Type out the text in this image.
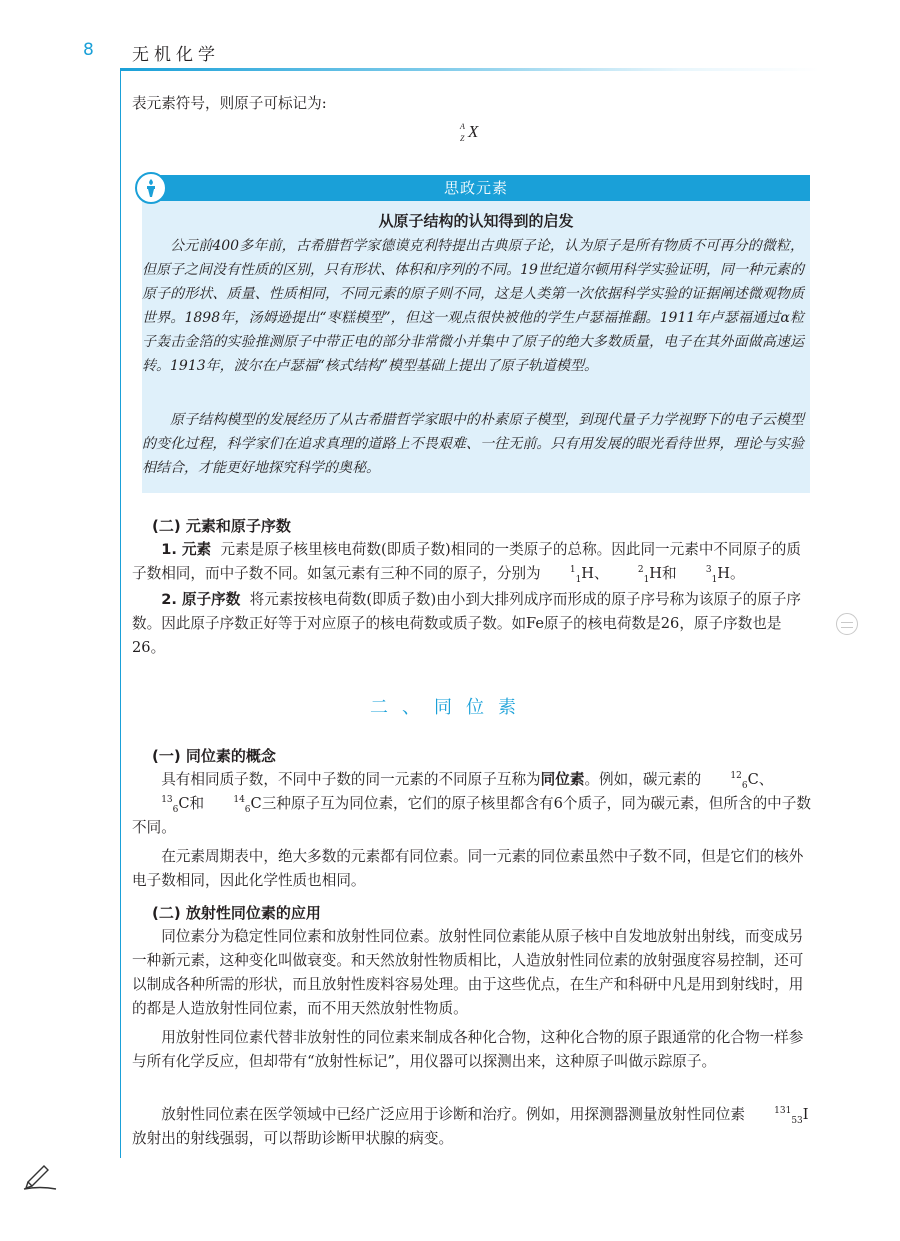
8 无机化学

表元素符号，则原子可标记为:

A
Z X
思政元素
从原子结构的认知得到的启发

公元前400多年前，古希腊哲学家德谟克利特提出古典原子论，认为原子是所有物质不可再分的微粒，但原子之间没有性质的区别，只有形状、体积和序列的不同。19世纪道尔顿用科学实验证明，同一种元素的原子的形状、质量、性质相同，不同元素的原子则不同，这是人类第一次依据科学实验的证据阐述微观物质世界。1898年，汤姆逊提出“枣糕模型”，但这一观点很快被他的学生卢瑟福推翻。1911年卢瑟福通过α粒子轰击金箔的实验推测原子中带正电的部分非常微小并集中了原子的绝大多数质量，电子在其外面做高速运转。1913年，波尔在卢瑟福“核式结构”模型基础上提出了原子轨道模型。

原子结构模型的发展经历了从古希腊哲学家眼中的朴素原子模型，到现代量子力学视野下的电子云模型的变化过程，科学家们在追求真理的道路上不畏艰难、一往无前。只有用发展的眼光看待世界，理论与实验相结合，才能更好地探究科学的奥秘。

(二) 元素和原子序数

1. 元素 元素是原子核里核电荷数(即质子数)相同的一类原子的总称。因此同一元素中不同原子的质子数相同，而中子数不同。如氢元素有三种不同的原子，分别为	$^1_1$H、	$^2_1$H和	$^3_1$H。

2. 原子序数 将元素按核电荷数(即质子数)由小到大排列成序而形成的原子序号称为该原子的原子序数。因此原子序数正好等于对应原子的核电荷数或质子数。如Fe原子的核电荷数是26，原子序数也是26。

二、同位素
(一) 同位素的概念

具有相同质子数，不同中子数的同一元素的不同原子互称为同位素。例如，碳元素的	$^{12}_6$C、$^{13}_6$C和	$^{14}_6$C三种原子互为同位素，它们的原子核里都含有6个质子，同为碳元素，但所含的中子数不同。

在元素周期表中，绝大多数的元素都有同位素。同一元素的同位素虽然中子数不同，但是它们的核外电子数相同，因此化学性质也相同。

(二) 放射性同位素的应用

同位素分为稳定性同位素和放射性同位素。放射性同位素能从原子核中自发地放射出射线，而变成另一种新元素，这种变化叫做衰变。和天然放射性物质相比，人造放射性同位素的放射强度容易控制，还可以制成各种所需的形状，而且放射性废料容易处理。由于这些优点，在生产和科研中凡是用到射线时，用的都是人造放射性同位素，而不用天然放射性物质。

用放射性同位素代替非放射性的同位素来制成各种化合物，这种化合物的原子跟通常的化合物一样参与所有化学反应，但却带有“放射性标记”，用仪器可以探测出来，这种原子叫做示踪原子。

放射性同位素在医学领域中已经广泛应用于诊断和治疗。例如，用探测器测量放射性同位素	$^{131}_{53}$I放射出的射线强弱，可以帮助诊断甲状腺的病变。
